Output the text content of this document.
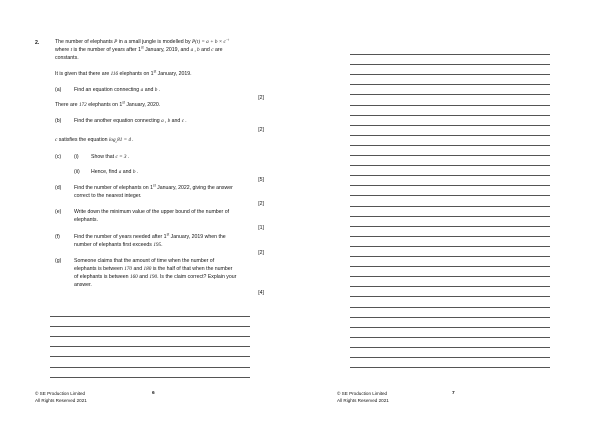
2.	The number of elephants P in a small jungle is modelled by $P(t) = a + b \times c^{-t}$
where t is the number of years after 1st January, 2019, and a , b and c are
constants.
It is given that there are 116 elephants on 1st January, 2019.
(a) Find an equation connecting a and b .
[2]
There are 172 elephants on 1st January, 2020.
(b) Find the another equation connecting a , b and c .
[2]
c satisfies the equation $\log_c81 = 4$ .
(c) (i) Show that c = 3 .
(ii) Hence, find a and b .
[5]
(d) Find the number of elephants on 1st January, 2022, giving the answer
correct to the nearest integer.
[2]
(e) Write down the minimum value of the upper bound of the number of
elephants.
[1]
(f)	Find the number of years needed after 1st January, 2019 when the
number of elephants first exceeds 195.
[2]
(g) Someone claims that the amount of time when the number of
elephants is between 170 and 180 is the half of that when the number
of elephants is between 160 and 190. Is the claim correct? Explain your
answer.
[4]
© SE Production Limited
All Rights Reserved 2021
6	© SE Production Limited
All Rights Reserved 2021
7
